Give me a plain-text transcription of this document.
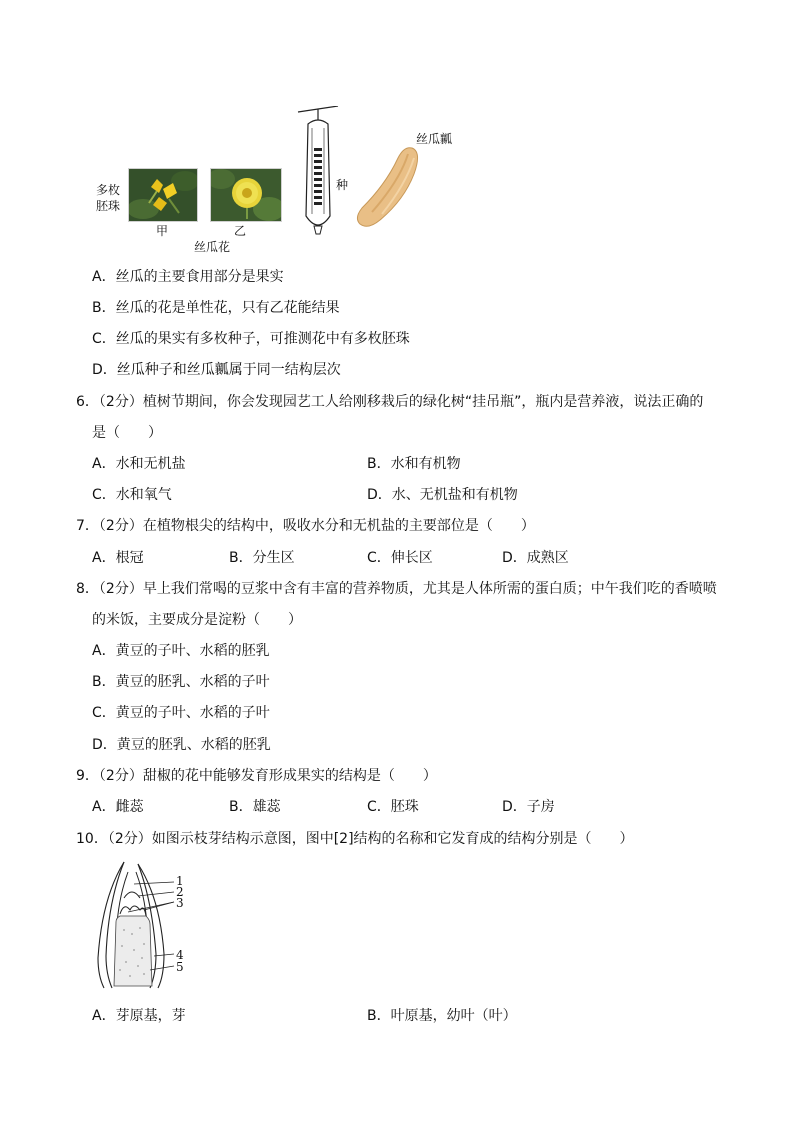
多枚
胚珠
甲	乙
丝瓜花
种
丝瓜瓤
A．丝瓜的主要食用部分是果实
B．丝瓜的花是单性花，只有乙花能结果
C．丝瓜的果实有多枚种子，可推测花中有多枚胚珠
D．丝瓜种子和丝瓜瓤属于同一结构层次
6．（2分）植树节期间，你会发现园艺工人给刚移栽后的绿化树“挂吊瓶”，瓶内是营养液，说法正确的
是（　　）
A．水和无机盐	B．水和有机物
C．水和氧气	D．水、无机盐和有机物
7．（2分）在植物根尖的结构中，吸收水分和无机盐的主要部位是（　　）
A．根冠	B．分生区	C．伸长区	D．成熟区
8．（2分）早上我们常喝的豆浆中含有丰富的营养物质，尤其是人体所需的蛋白质；中午我们吃的香喷喷
的米饭，主要成分是淀粉（　　）
A．黄豆的子叶、水稻的胚乳
B．黄豆的胚乳、水稻的子叶
C．黄豆的子叶、水稻的子叶
D．黄豆的胚乳、水稻的胚乳
9．（2分）甜椒的花中能够发育形成果实的结构是（　　）
A．雌蕊	B．雄蕊	C．胚珠	D．子房
10．（2分）如图示枝芽结构示意图，图中[2]结构的名称和它发育成的结构分别是（　　）
1
2
3
4
5
A．芽原基，芽	B．叶原基，幼叶（叶）
